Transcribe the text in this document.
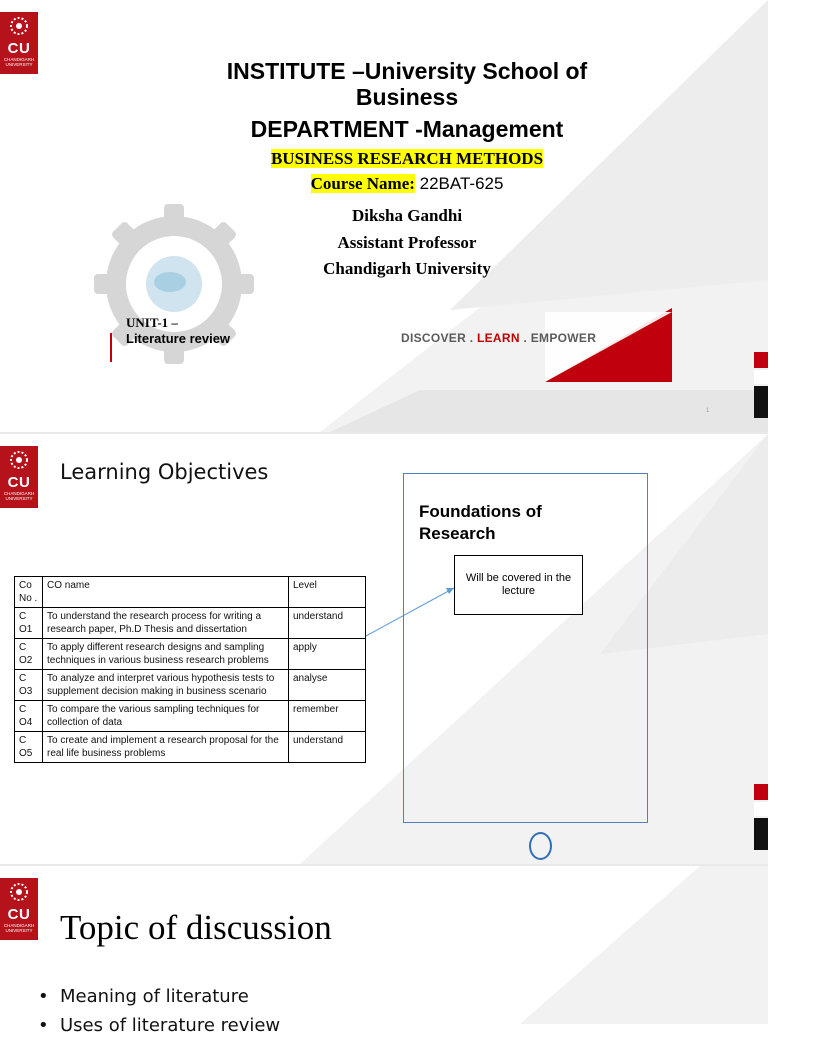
CU
CHANDIGARH
UNIVERSITY	INSTITUTE –University School of
Business
DEPARTMENT -Management
BUSINESS RESEARCH METHODS
Course Name: 22BAT-625
Diksha Gandhi
Assistant Professor
Chandigarh University
UNIT-1 –
Literature review	DISCOVER . LEARN . EMPOWER
1
CU
CHANDIGARH
UNIVERSITY
Learning Objectives
Co No .	CO name	Level
C O1	To understand the research process for writing a research paper, Ph.D Thesis and dissertation	understand
C O2	To apply different research designs and sampling techniques in various business research problems	apply
C O3	To analyze and interpret various hypothesis tests to supplement decision making in business scenario	analyse
C O4	To compare the various sampling techniques for collection of data	remember
C O5	To create and implement a research proposal for the real life business problems	understand
Foundations of Research
Will be covered in the lecture
CU
CHANDIGARH
UNIVERSITY Topic of discussion
• Meaning of literature
• Uses of literature review
